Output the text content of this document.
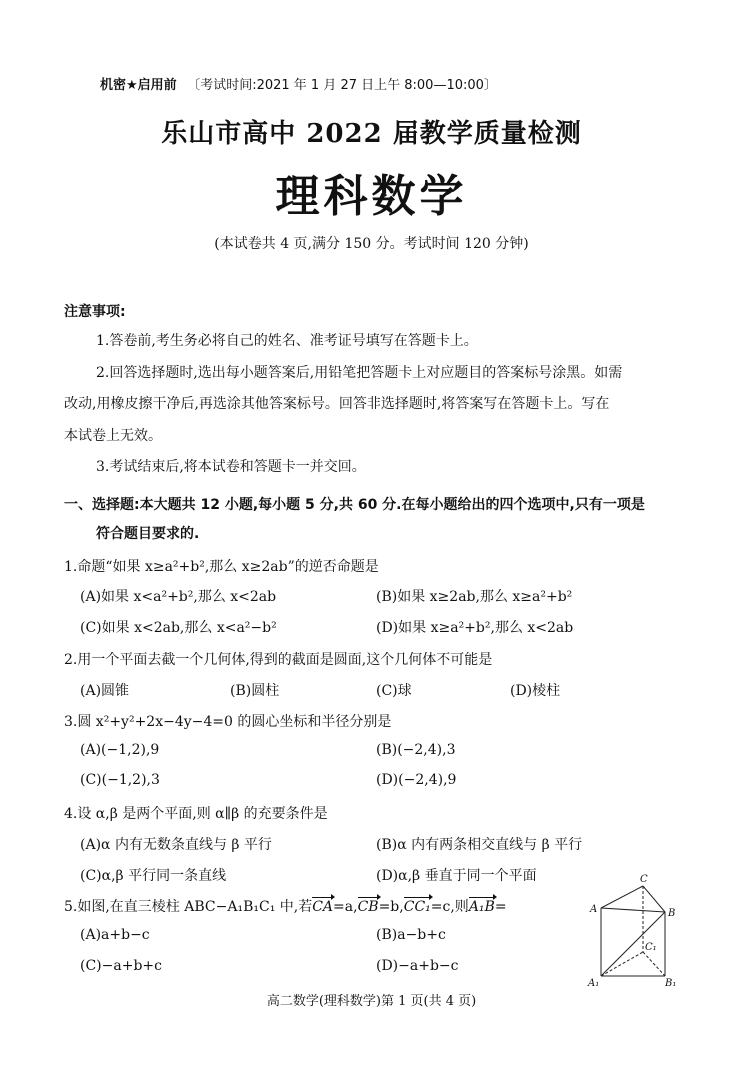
机密★启用前 〔考试时间:2021 年 1 月 27 日上午 8:00—10:00〕
乐山市高中 2022 届教学质量检测
理科数学
(本试卷共 4 页,满分 150 分。考试时间 120 分钟)
注意事项:
1.答卷前,考生务必将自己的姓名、准考证号填写在答题卡上。
2.回答选择题时,选出每小题答案后,用铅笔把答题卡上对应题目的答案标号涂黑。如需
改动,用橡皮擦干净后,再选涂其他答案标号。回答非选择题时,将答案写在答题卡上。写在
本试卷上无效。
3.考试结束后,将本试卷和答题卡一并交回。
一、选择题:本大题共 12 小题,每小题 5 分,共 60 分.在每小题给出的四个选项中,只有一项是
符合题目要求的.
1.命题“如果 x≥a²+b²,那么 x≥2ab”的逆否命题是
(A)如果 x<a²+b²,那么 x<2ab	(B)如果 x≥2ab,那么 x≥a²+b²
(C)如果 x<2ab,那么 x<a²−b²	(D)如果 x≥a²+b²,那么 x<2ab
2.用一个平面去截一个几何体,得到的截面是圆面,这个几何体不可能是
(A)圆锥	(B)圆柱	(C)球	(D)棱柱
3.圆 x²+y²+2x−4y−4=0 的圆心坐标和半径分别是
(A)(−1,2),9	(B)(−2,4),3
(C)(−1,2),3	(D)(−2,4),9
4.设 α,β 是两个平面,则 α∥β 的充要条件是
(A)α 内有无数条直线与 β 平行	(B)α 内有两条相交直线与 β 平行
(C)α,β 平行同一条直线	(D)α,β 垂直于同一个平面
5.如图,在直三棱柱 ABC−A₁B₁C₁ 中,若CA=a,CB=b,CC₁=c,则A₁B=
(A)a+b−c	(B)a−b+c
(C)−a+b+c	(D)−a+b−c
C
A	B
C₁
A₁	B₁
高二数学(理科数学)第 1 页(共 4 页)
